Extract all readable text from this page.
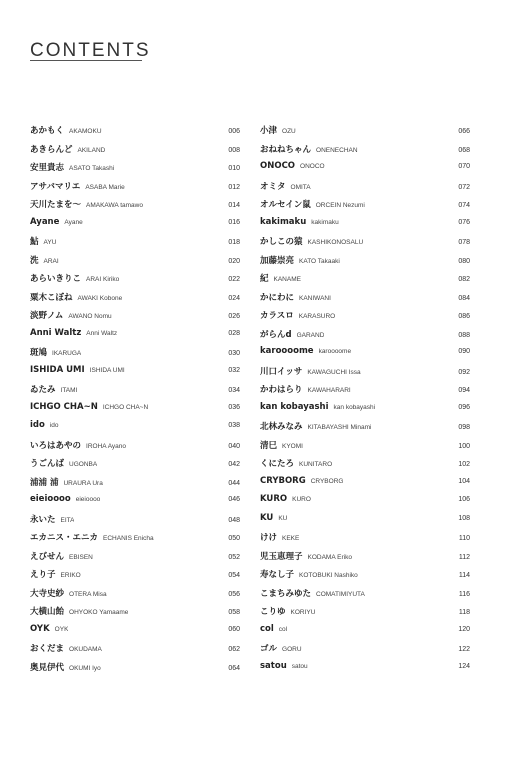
CONTENTS
あかもく AKAMOKU	006
あきらんど AKILAND	008
安里貴志 ASATO Takashi	010
アサバマリエ ASABA Marie	012
天川たまを〜 AMAKAWA tamawo	014
Ayane Ayane	016
鮎 AYU	018
洗 ARAI	020
あらいきりこ ARAI Kiriko	022
粟木こぼね AWAKI Kobone	024
淡野ノム AWANO Nomu	026
Anni Waltz Anni Waltz	028
斑鳩 IKARUGA	030
ISHIDA UMI ISHIDA UMI	032
ゐたみ ITAMI	034
ICHGO CHA~N ICHGO CHA~N	036
ido ido	038
いろはあやの IROHA Ayano	040
うごんば UGONBA	042
浦浦 浦 URAURA Ura	044
eieioooo eieioooo	046
永いた EITA	048
エカニス・エニカ ECHANIS Enicha	050
えびせん EBISEN	052
えり子 ERIKO	054
大寺史紗 OTERA Misa	056
大横山飴 OHYOKO Yamaame	058
OYK OYK	060
おくだま OKUDAMA	062
奥見伊代 OKUMI Iyo	064
小津 OZU	066
おねねちゃん ONENECHAN	068
ONOCO ONOCO	070
オミタ OMITA	072
オルセイン鼠 ORCEIN Nezumi	074
kakimaku kakimaku	076
かしこの猿 KASHIKONOSALU	078
加藤崇亮 KATO Takaaki	080
紀 KANAME	082
かにわに KANIWANI	084
カラスロ KARASURO	086
がらんd GARAND	088
karoooome karoooome	090
川口イッサ KAWAGUCHI Issa	092
かわはらり KAWAHARARI	094
kan kobayashi kan kobayashi	096
北林みなみ KITABAYASHI Minami	098
清巳 KYOMI	100
くにたろ KUNITARO	102
CRYBORG CRYBORG	104
KURO KURO	106
KU KU	108
けけ KEKE	110
児玉恵理子 KODAMA Eriko	112
寿なし子 KOTOBUKI Nashiko	114
こまちみゆた COMATIMIYUTA	116
こりゆ KORIYU	118
col col	120
ゴル GORU	122
satou satou	124
